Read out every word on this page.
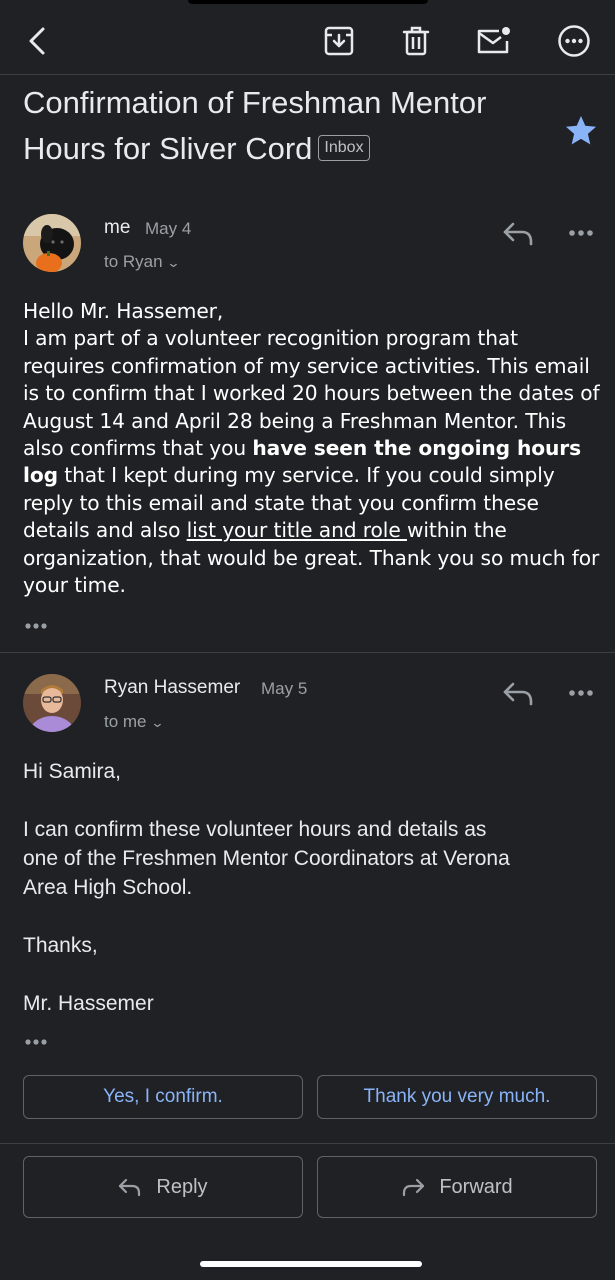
Confirmation of Freshman Mentor Hours for Sliver Cord Inbox
me May 4
to Ryan ⌄
Hello Mr. Hassemer,
I am part of a volunteer recognition program that requires confirmation of my service activities. This email is to confirm that I worked 20 hours between the dates of August 14 and April 28 being a Freshman Mentor. This also confirms that you have seen the ongoing hours log that I kept during my service. If you could simply reply to this email and state that you confirm these details and also list your title and role within the organization, that would be great. Thank you so much for your time.
Ryan Hassemer May 5
to me ⌄

Hi Samira,

I can confirm these volunteer hours and details as

one of the Freshmen Mentor Coordinators at Verona

Area High School.

Thanks,

Mr. Hassemer

Yes, I confirm.	Thank you very much.
Reply	Forward
